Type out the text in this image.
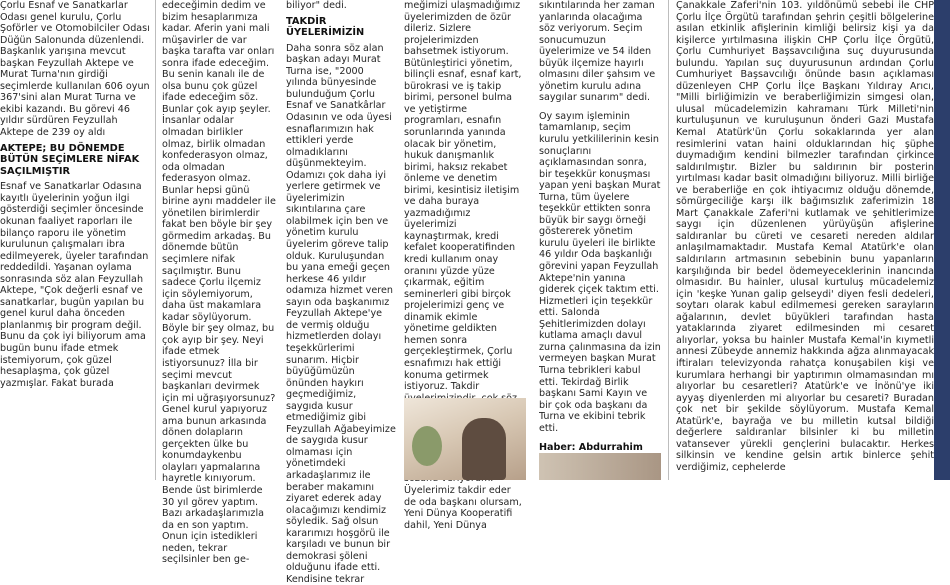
Çorlu Esnaf ve Sanatkarlar Odası genel kurulu, Çorlu Şoförler ve Otomobilciler Odası Düğün Salonunda düzenlendi. Başkanlık yarışına mevcut başkan Feyzullah Aktepe ve Murat Turna'nın girdiği seçimlerde kullanılan 606 oyun 367'sini alan Murat Turna ve ekibi kazandı. Bu görevi 46 yıldır sürdüren Feyzullah Aktepe de 239 oy aldı

AKTEPE; BU DÖNEMDE BÜTÜN SEÇİMLERE NİFAK SAÇILMIŞTIR

Esnaf ve Sanatkarlar Odasına kayıtlı üyelerinin yoğun ilgi gösterdiği seçimler öncesinde okunan faaliyet raporları ile bilanço raporu ile yönetim kurulunun çalışmaları ibra edilmeyerek, üyeler tarafından reddedildi. Yaşanan oylama sonrasında söz alan Feyzullah Aktepe, "Çok değerli esnaf ve sanatkarlar, bugün yapılan bu genel kurul daha önceden planlanmış bir program değil. Bunu da çok iyi biliyorum ama bugün bunu ifade etmek istemiyorum, çok güzel hesaplaşma, çok güzel yazmışlar. Fakat burada

edeceğimin dedim ve bizim hesaplarımıza kadar. Aferin yani mali müşavirler de var başka tarafta var onları sonra ifade edeceğim. Bu senin kanalı ile de olsa bunu çok güzel ifade edeceğim söz. Bunlar çok ayıp şeyler. İnsanlar odalar olmadan birlikler olmaz, birlik olmadan konfederasyon olmaz, oda olmadan federasyon olmaz. Bunlar hepsi günü birine aynı maddeler ile yönetilen birimlerdir fakat ben böyle bir şey görmedim arkadaş. Bu dönemde bütün seçimlere nifak saçılmıştır. Bunu sadece Çorlu ilçemiz için söylemiyorum, daha üst makamlara kadar söylüyorum. Böyle bir şey olmaz, bu çok ayıp bir şey. Neyi ifade etmek istiyorsunuz? İlla bir seçimi mevcut başkanları devirmek için mi uğraşıyorsunuz? Genel kurul yapıyoruz ama bunun arkasında dönen dolapların gerçekten ülke bu konumdaykenbu olayları yapmalarına hayretle kınıyorum. Bende üst birimlerde 30 yıl görev yaptım. Bazı arkadaşlarımızla da en son yaptım. Onun için istedikleri neden, tekrar seçilsinler ben ge-

biliyor" dedi.

TAKDİR ÜYELERİMİZİN

Daha sonra söz alan başkan adayı Murat Turna ise, "2000 yılında bünyesinde bulunduğum Çorlu Esnaf ve Sanatkârlar Odasının ve oda üyesi esnaflarımızın hak ettikleri yerde olmadıklarını düşünmekteyim. Odamızı çok daha iyi yerlere getirmek ve üyelerimizin sıkıntılarına çare olabilmek için ben ve yönetim kurulu üyelerim göreve talip olduk. Kuruluşundan bu yana emeği geçen herkese 46 yıldır odamıza hizmet veren sayın oda başkanımız Feyzullah Aktepe'ye de vermiş olduğu hizmetlerden dolayı teşekkürlerimi sunarım. Hiçbir büyüğümüzün önünden haykırı geçmediğimiz, saygıda kusur etmediğimiz gibi Feyzullah Ağabeyimize de saygıda kusur olmaması için yönetimdeki arkadaşlarımız ile beraber makamını ziyaret ederek aday olacağımızı kendimiz söyledik. Sağ olsun kararımızı hoşgörü ile karşıladı ve bunun bir demokrasi şöleni olduğunu ifade etti. Kendisine tekrar

meğimizi ulaşmadığımız üyelerimizden de özür dileriz. Sizlere projelerimizden bahsetmek istiyorum. Bütünleştirici yönetim, bilinçli esnaf, esnaf kart, bürokrasi ve iş takip birimi, personel bulma ve yetiştirme programları, esnafın sorunlarında yanında olacak bir yönetim, hukuk danışmanlık birimi, haksız rekabet önleme ve denetim birimi, kesintisiz iletişim ve daha buraya yazmadığımız üyelerimizi kaynaştırmak, kredi kefalet kooperatifinden kredi kullanım onay oranını yüzde yüze çıkarmak, eğitim seminerleri gibi birçok projelerimizi genç ve dinamik ekimle yönetime geldikten hemen sonra gerçekleştirmek, Çorlu esnafımızı hak ettiği konuma getirmek istiyoruz. Takdir Üyelerimiz takdir eder de oda başkanı olursam, Yeni Dünya Kooperatifi dahil, Yeni Dünya

sıkıntılarında her zaman yanlarında olacağıma söz veriyorum. Seçim sonucumuzun üyelerimize ve 54 ilden büyük ilçemize hayırlı olmasını diler şahsım ve yönetim kurulu adına saygılar sunarım" dedi.

Oy sayım işleminin tamamlanıp, seçim kurulu yetkililerinin kesin sonuçlarını açıklamasından sonra, bir teşekkür konuşması yapan yeni başkan Murat Turna, tüm üyelere teşekkür ettikten sonra büyük bir saygı örneği göstererek yönetim kurulu üyeleri ile birlikte 46 yıldır Oda başkanlığı görevini yapan Feyzullah Aktepe'nin yanına giderek çiçek taktım etti. Hizmetleri için teşekkür etti. Salonda Şehitlerimizden dolayı kutlama amaçlı davul zurna çalınmasına da izin vermeyen başkan Murat Turna tebrikleri kabul etti. Tekirdağ Birlik başkanı Sami Kayın ve bir çok oda başkanı da Turna ve ekibini tebrik etti.

Haber: Abdurrahim

Çanakkale Zaferi'nin 103. yıldönümü sebebi ile CHP Çorlu İlçe Örgütü tarafından şehrin çeşitli bölgelerine asılan etkinlik afişlerinin kimliği belirsiz kişi ya da kişilerce yırtılmasına ilişkin CHP Çorlu İlçe Örgütü, Çorlu Cumhuriyet Başsavcılığına suç duyurusunda bulundu. Yapılan suç duyurusunun ardından Çorlu Cumhuriyet Başsavcılığı önünde basın açıklaması düzenleyen CHP Çorlu İlçe Başkanı Yıldıray Arıcı, "Milli birliğimizin ve beraberliğimizin simgesi olan, ulusal mücadelemizin kahramanı Türk Milleti'nin kurtuluşunun ve kuruluşunun önderi Gazi Mustafa Kemal Atatürk'ün Çorlu sokaklarında yer alan resimlerini vatan haini olduklarından hiç şüphe duymadığım kendini bilmezler tarafından çirkince saldırılmıştır. Bizler bu saldırının bir posterin yırtılması kadar basit olmadığını biliyoruz. Milli birliğe ve beraberliğe en çok ihtiyacımız olduğu dönemde, sömürgeciliğe karşı ilk bağımsızlık zaferimizin 18 Mart Çanakkale Zaferi'ni kutlamak ve şehitlerimize saygı için düzenlenen yürüyüşün afişlerine saldıranlar bu cüreti ve cesareti nereden aldılar anlaşılmamaktadır. Mustafa Kemal Atatürk'e olan saldırıların artmasının sebebinin bunu yapanların karşılığında bir bedel ödemeyeceklerinin inancında olmasıdır. Bu hainler, ulusal kurtuluş mücadelemiz için 'keşke Yunan galip gelseydi' diyen fesli dedeleri, soytarı olarak kabul edilmemesi gereken sarayların ağalarının, devlet büyükleri tarafından hasta yataklarında ziyaret edilmesinden mi cesaret alıyorlar, yoksa bu hainler Mustafa Kemal'in kıymetli annesi Zübeyde annemiz hakkında ağza alınmayacak iftiraları televizyonda rahatça konuşabilen kişi ve kurumlara herhangi bir yaptırımın olmamasından mı alıyorlar bu cesaretleri? Atatürk'e ve İnönü'ye iki ayyaş diyenlerden mi alıyorlar bu cesareti? Buradan çok net bir şekilde söylüyorum. Mustafa Kemal Atatürk'e, bayrağa ve bu milletin kutsal bildiği değerlere saldıranlar bilsinler ki bu milletin vatansever yürekli gençlerini bulacaktır. Herkes silkinsin ve kendine gelsin artık binlerce şehit verdiğimiz, cephelerde
